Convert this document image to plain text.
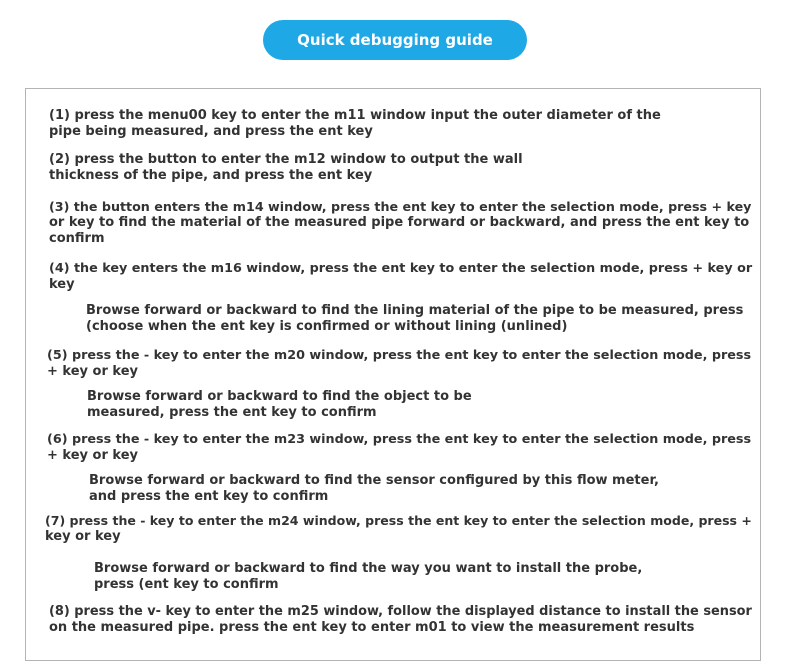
Quick debugging guide

(1) press the menu00 key to enter the m11 window input the outer diameter of the

pipe being measured, and press the ent key

(2) press the button to enter the m12 window to output the wall

thickness of the pipe, and press the ent key

(3) the button enters the m14 window, press the ent key to enter the selection mode, press + key

or key to find the material of the measured pipe forward or backward, and press the ent key to

confirm

(4) the key enters the m16 window, press the ent key to enter the selection mode, press + key or

key

Browse forward or backward to find the lining material of the pipe to be measured, press

(choose when the ent key is confirmed or without lining (unlined)

(5) press the - key to enter the m20 window, press the ent key to enter the selection mode, press

+ key or key

Browse forward or backward to find the object to be

measured, press the ent key to confirm

(6) press the - key to enter the m23 window, press the ent key to enter the selection mode, press

+ key or key

Browse forward or backward to find the sensor configured by this flow meter,

and press the ent key to confirm

(7) press the - key to enter the m24 window, press the ent key to enter the selection mode, press +

key or key

Browse forward or backward to find the way you want to install the probe,

press (ent key to confirm

(8) press the v- key to enter the m25 window, follow the displayed distance to install the sensor

on the measured pipe. press the ent key to enter m01 to view the measurement results
